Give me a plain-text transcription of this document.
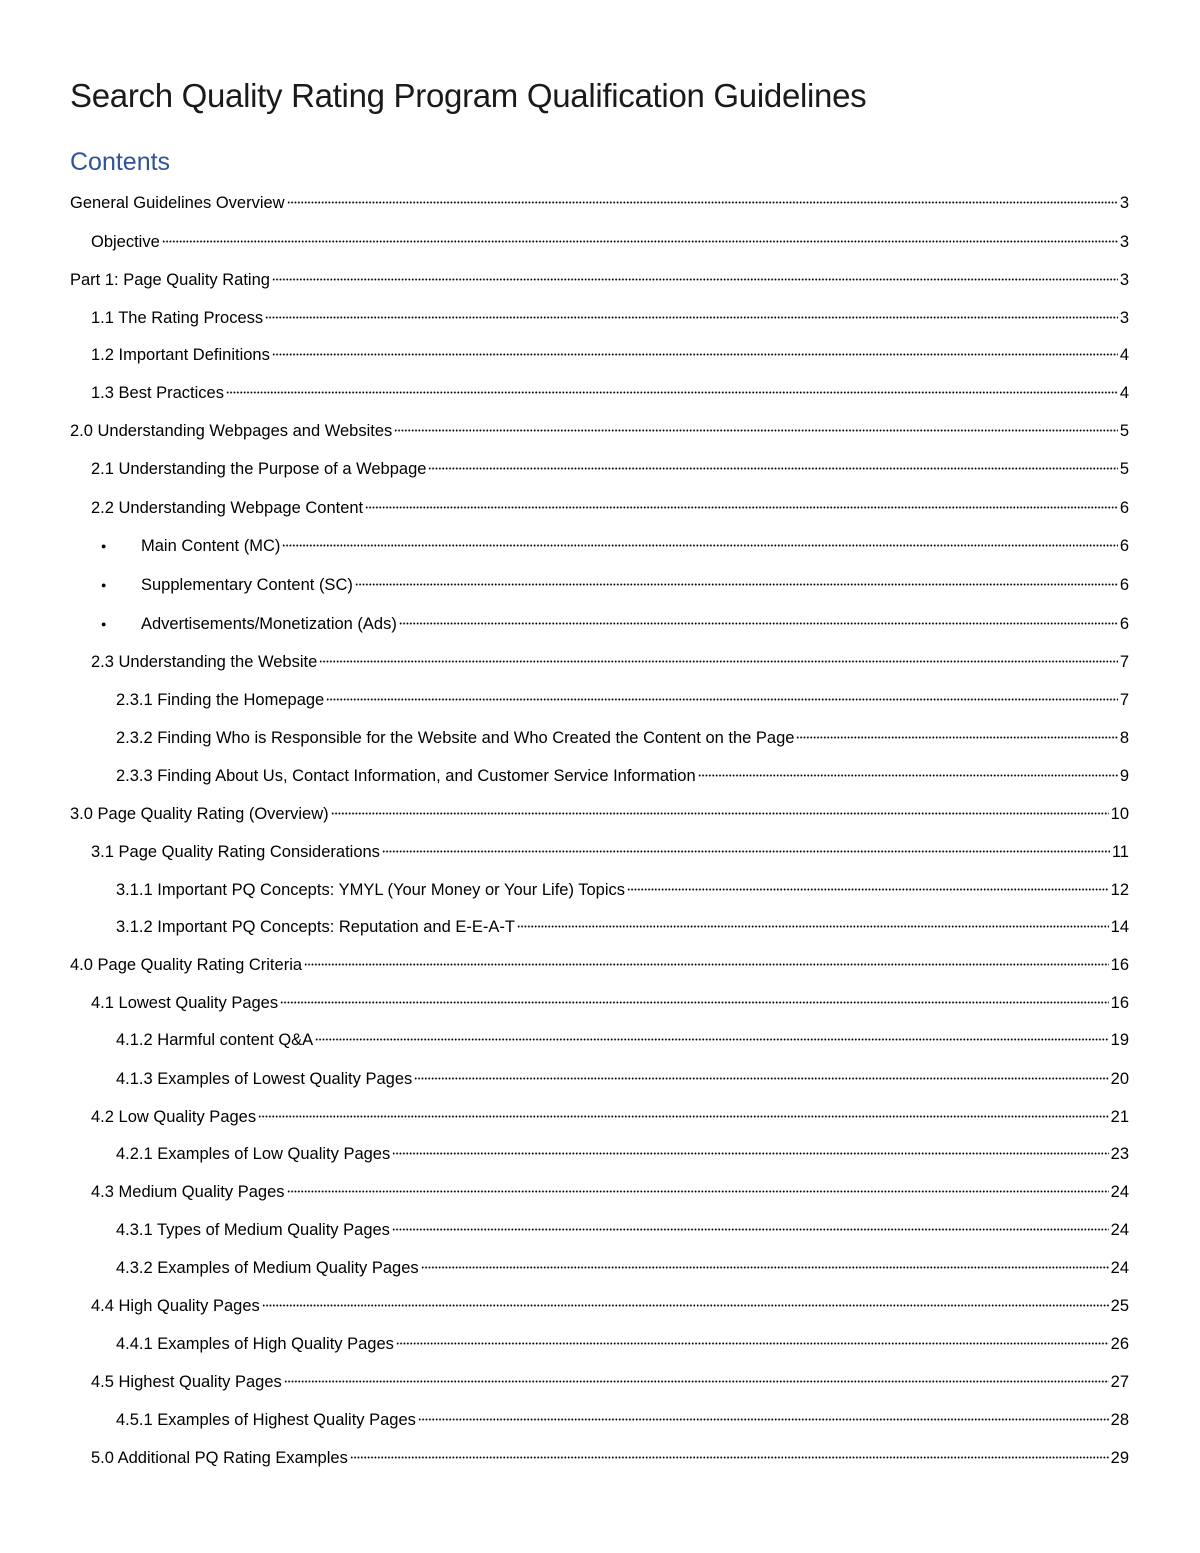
Search Quality Rating Program Qualification Guidelines
Contents
General Guidelines Overview	3
Objective	3
Part 1: Page Quality Rating	3
1.1 The Rating Process	3
1.2 Important Definitions	4
1.3 Best Practices	4
2.0 Understanding Webpages and Websites	5
2.1 Understanding the Purpose of a Webpage	5
2.2 Understanding Webpage Content	6
●	Main Content (MC)	6
●	Supplementary Content (SC)	6
●	Advertisements/Monetization (Ads)	6
2.3 Understanding the Website	7
2.3.1 Finding the Homepage	7
2.3.2 Finding Who is Responsible for the Website and Who Created the Content on the Page	8
2.3.3 Finding About Us, Contact Information, and Customer Service Information	9
3.0 Page Quality Rating (Overview)	10
3.1 Page Quality Rating Considerations	11
3.1.1 Important PQ Concepts: YMYL (Your Money or Your Life) Topics	12
3.1.2 Important PQ Concepts: Reputation and E-E-A-T	14
4.0 Page Quality Rating Criteria	16
4.1 Lowest Quality Pages	16
4.1.2 Harmful content Q&A	19
4.1.3 Examples of Lowest Quality Pages	20
4.2 Low Quality Pages	21
4.2.1 Examples of Low Quality Pages	23
4.3 Medium Quality Pages	24
4.3.1 Types of Medium Quality Pages	24
4.3.2 Examples of Medium Quality Pages	24
4.4 High Quality Pages	25
4.4.1 Examples of High Quality Pages	26
4.5 Highest Quality Pages	27
4.5.1 Examples of Highest Quality Pages	28
5.0 Additional PQ Rating Examples	29
